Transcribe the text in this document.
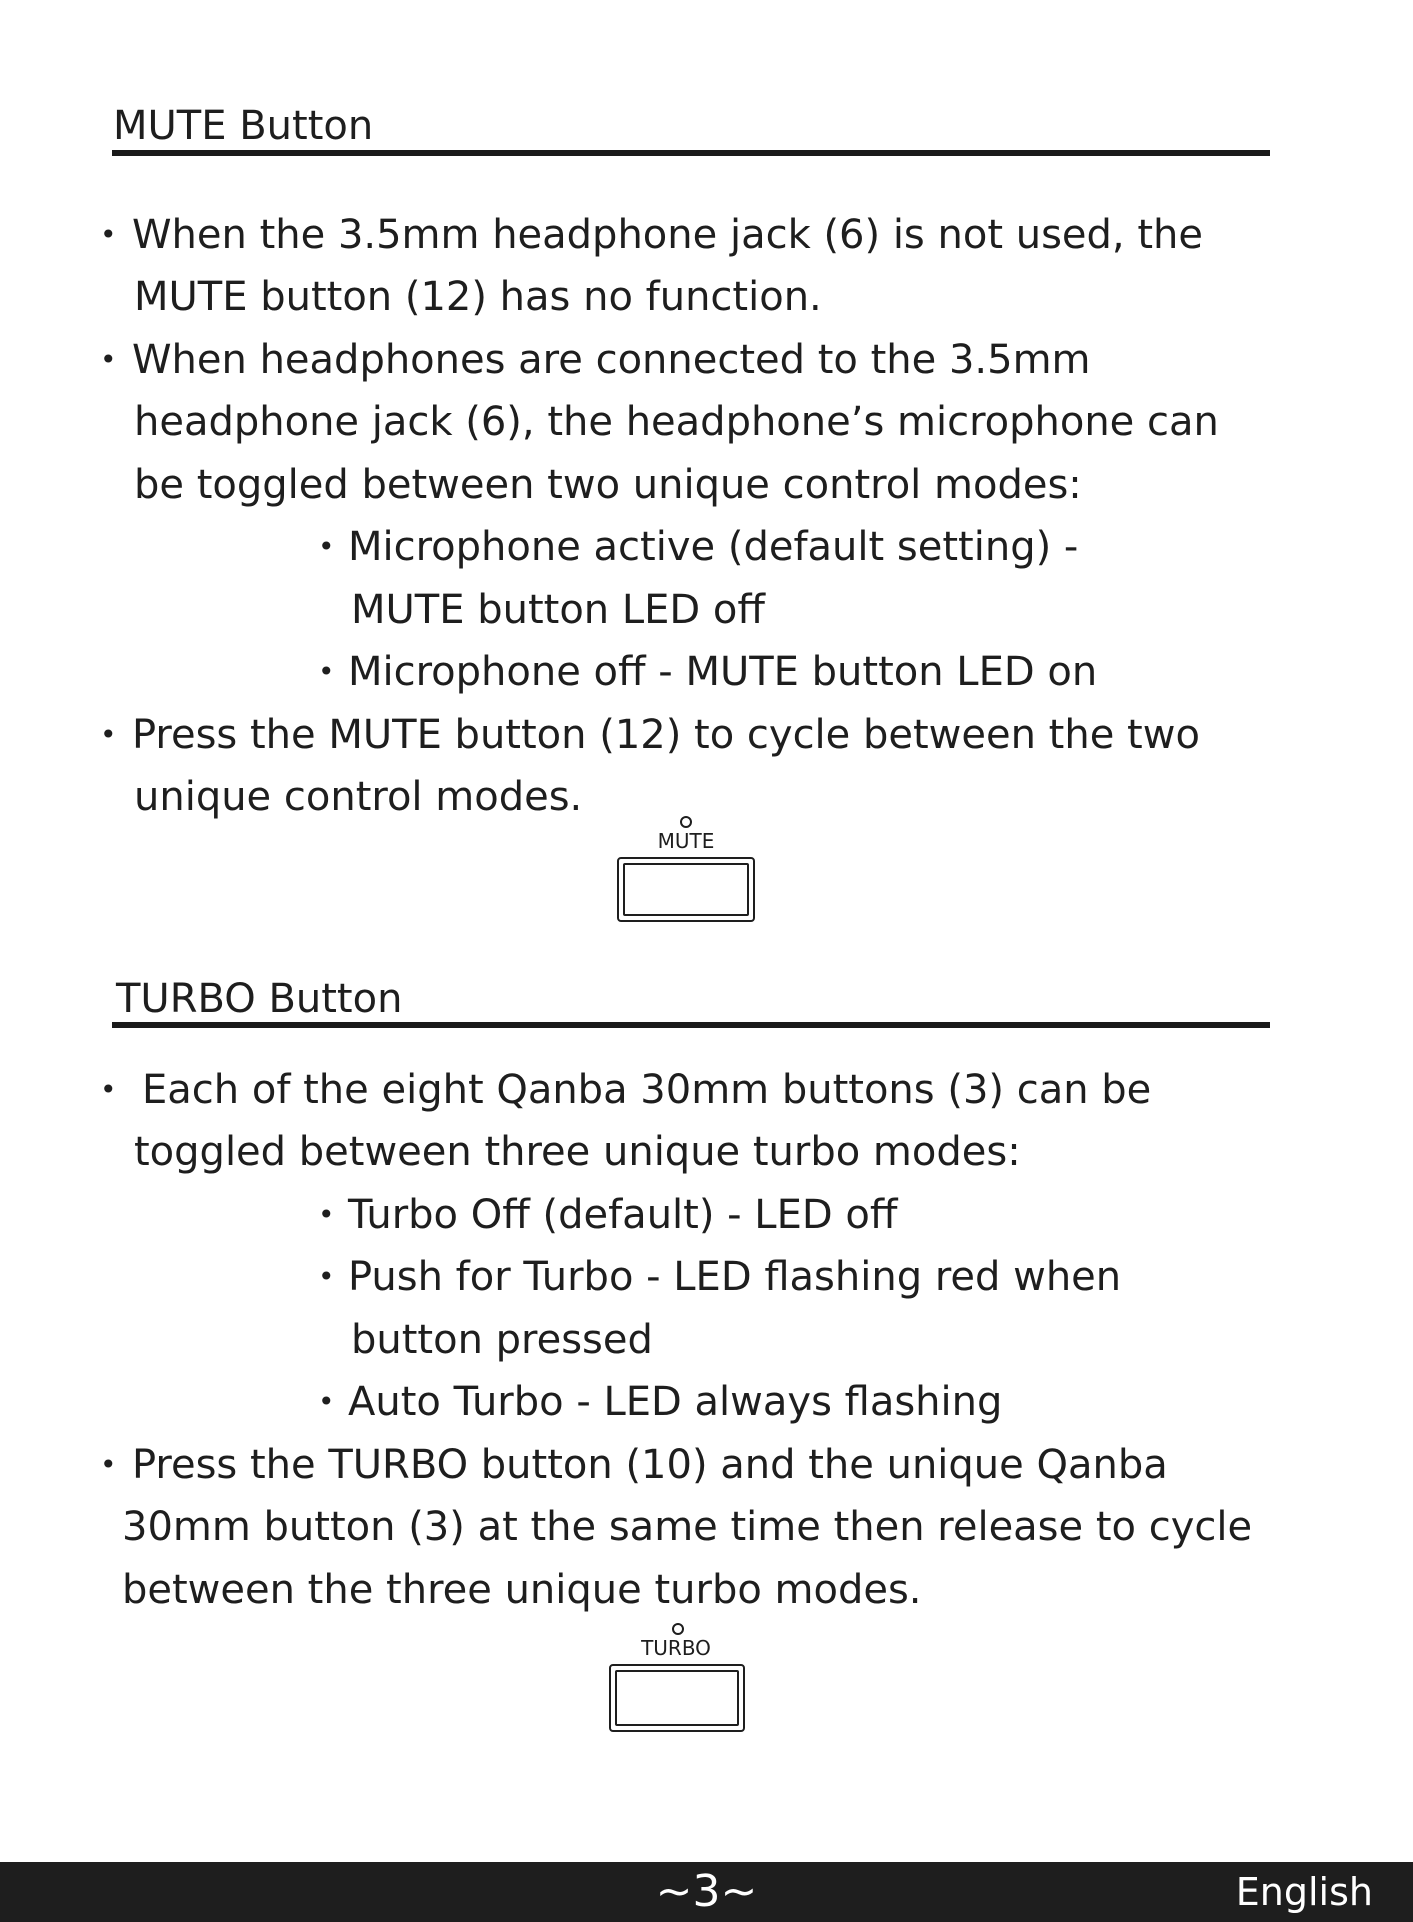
MUTE Button
• When the 3.5mm headphone jack (6) is not used, the
MUTE button (12) has no function.
• When headphones are connected to the 3.5mm
headphone jack (6), the headphone’s microphone can
be toggled between two unique control modes:
• Microphone active (default setting) -
MUTE button LED off
• Microphone off - MUTE button LED on
• Press the MUTE button (12) to cycle between the two
unique control modes.
MUTE
TURBO Button
• Each of the eight Qanba 30mm buttons (3) can be
toggled between three unique turbo modes:
• Turbo Off (default) - LED off
• Push for Turbo - LED flashing red when
button pressed
• Auto Turbo - LED always flashing
• Press the TURBO button (10) and the unique Qanba
30mm button (3) at the same time then release to cycle
between the three unique turbo modes.
TURBO
~3~	English
